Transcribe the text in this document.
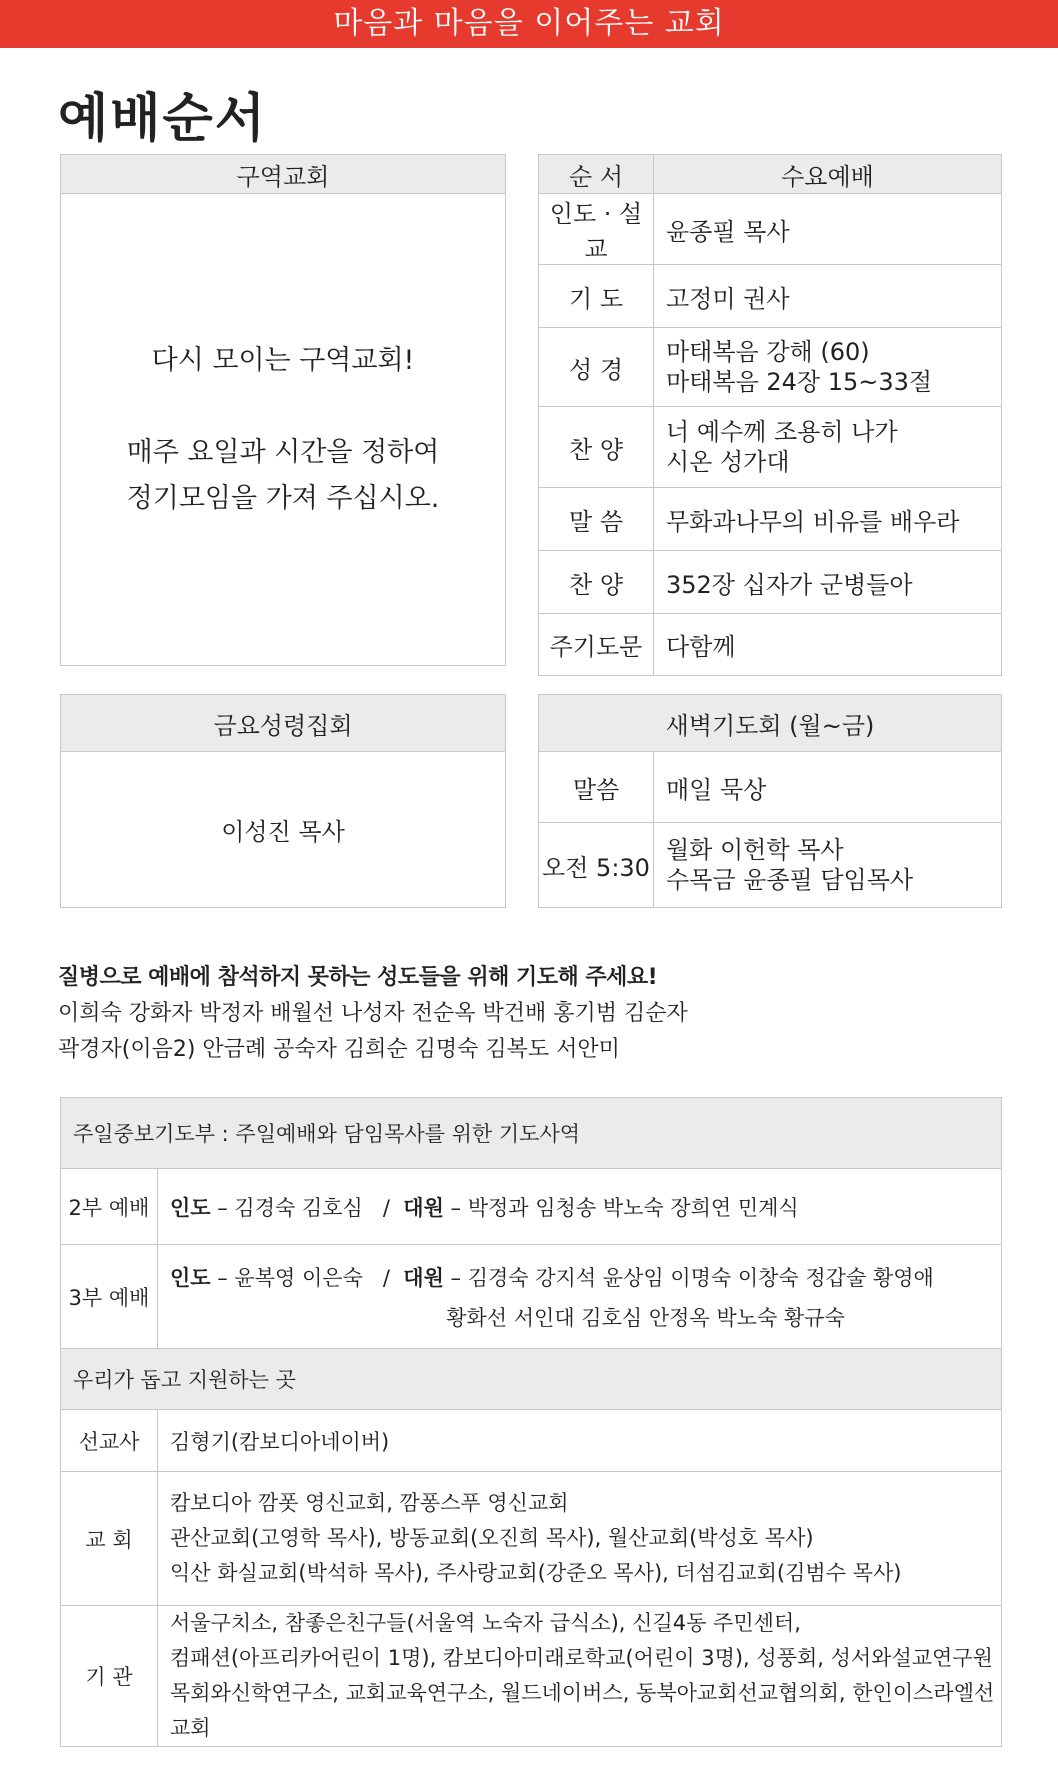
마음과 마음을 이어주는 교회
예배순서
구역교회

다시 모이는 구역교회!
매주 요일과 시간을 정하여
정기모임을 가져 주십시오.
순 서	수요예배
인도 · 설교	윤종필 목사
기 도	고정미 권사
성 경	마태복음 강해 (60)
마태복음 24장 15~33절

찬 양	너 예수께 조용히 나가
시온 성가대

말 씀	무화과나무의 비유를 배우라
찬 양	352장 십자가 군병들아
주기도문	다함께
금요성령집회
이성진 목사
새벽기도회 (월~금)	
말씀	매일 묵상
오전 5:30	월화 이헌학 목사
수목금 윤종필 담임목사
질병으로 예배에 참석하지 못하는 성도들을 위해 기도해 주세요!
이희숙 강화자 박정자 배월선 나성자 전순옥 박건배 홍기범 김순자
곽경자(이음2) 안금례 공숙자 김희순 김명숙 김복도 서안미
주일중보기도부 : 주일예배와 담임목사를 위한 기도사역	
2부 예배	인도 – 김경숙 김호심 / 대원 – 박정과 임청송 박노숙 장희연 민계식
3부 예배	인도 – 윤복영 이은숙 / 대원 – 김경숙 강지석 윤상임 이명숙 이창숙 정갑술 황영애
황화선 서인대 김호심 안정옥 박노숙 황규숙

우리가 돕고 지원하는 곳	
선교사	김형기(캄보디아네이버)
교 회	캄보디아 깜폿 영신교회, 깜퐁스푸 영신교회
관산교회(고영학 목사), 방동교회(오진희 목사), 월산교회(박성호 목사)
익산 화실교회(박석하 목사), 주사랑교회(강준오 목사), 더섬김교회(김범수 목사)

기 관	서울구치소, 참좋은친구들(서울역 노숙자 급식소), 신길4동 주민센터,
컴패션(아프리카어린이 1명), 캄보디아미래로학교(어린이 3명), 성풍회, 성서와설교연구원
목회와신학연구소, 교회교육연구소, 월드네이버스, 동북아교회선교협의회, 한인이스라엘선교회
